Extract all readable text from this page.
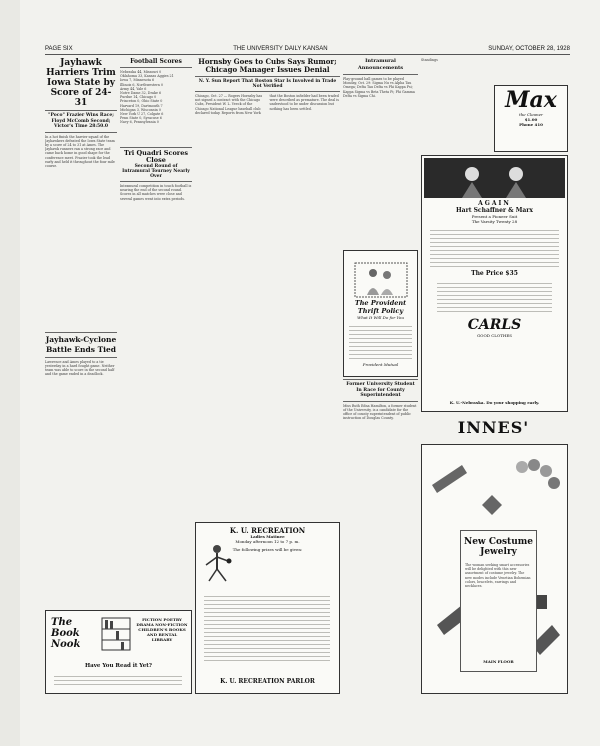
PAGE SIX	THE UNIVERSITY DAILY KANSAN	SUNDAY, OCTOBER 28, 1928
Jayhawk Harriers Trim Iowa State by Score of 24-31
"Poco" Frazier Wins Race; Floyd McComb Second; Victor's Time 28:50.0
In a hot finish the harrier squad of the Jayhawkers defeated the Iowa State team by a score of 24 to 31 at Ames. The Jayhawk runners ran a strong race and came back home in good shape for the conference meet. Frazier took the lead early and held it throughout the four mile course.
Jayhawk-Cyclone Battle Ends Tied
Lawrence and Ames played to a tie yesterday in a hard fought game. Neither team was able to score in the second half and the game ended in a deadlock.
Football Scores
Nebraska 44, Missouri 0
Oklahoma 33, Kansas Aggies 21
Iowa 7, Minnesota 6
Illinois 6, Northwestern 0
Army 44, Yale 6
Notre Dame 32, Drake 6
Purdue 14, Chicago 0
Princeton 0, Ohio State 0
Harvard 19, Dartmouth 7
Michigan 3, Wisconsin 0
New York U 27, Colgate 6
Penn State 0, Syracuse 6
Navy 6, Pennsylvania 0
Tri Quadri Scores Close
Second Round of Intramural Tourney Nearly Over
Intramural competition in touch football is nearing the end of the second round. Scores in all matches were close and several games went into extra periods.
Hornsby Goes to Cubs Says Rumor; Chicago Manager Issues Denial
N. Y. Sun Report That Boston Star Is Involved in Trade Not Verified
Chicago, Oct. 27 — Rogers Hornsby has not signed a contract with the Chicago Cubs, President W. L. Veeck of the Chicago National League baseball club declared today. Reports from New York that the Boston infielder had been traded were described as premature. The deal is understood to be under discussion but nothing has been settled.
K. U. RECREATION
Ladies Matinee
Monday afternoon 12 to 7 p. m.
The following prizes will be given:
K. U. RECREATION PARLOR
The Book Nook
FICTION POETRY DRAMA NON-FICTION CHILDREN'S BOOKS AND RENTAL LIBRARY
Have You Read it Yet?
Intramural Announcements
Play-ground ball games to be played Monday, Oct. 29: Sigma Nu vs Alpha Tau Omega; Delta Tau Delta vs Phi Kappa Psi; Kappa Sigma vs Beta Theta Pi; Phi Gamma Delta vs Sigma Chi.
The Provident Thrift Policy
What It Will Do for You
Provident Mutual
Former University Student In Race for County Superintendent
Miss Ruth Edna Hamilton, a former student of the University, is a candidate for the office of county superintendent of public instruction of Douglas County.
Standings
Max
the Cleaner
$1.00
Phone 410
AGAIN
Hart Schaffner & Marx
Present a Pioneer Suit
The Varsity Twenty 28
The Price $35
CARLS
GOOD CLOTHES
K. U.-Nebraska. Do your shopping early.
INNES'
New Costume Jewelry
The woman seeking smart accessories will be delighted with this new assortment of costume jewelry. The new modes include Venetian Bohemian colors, bracelets, earrings and necklaces.
MAIN FLOOR
